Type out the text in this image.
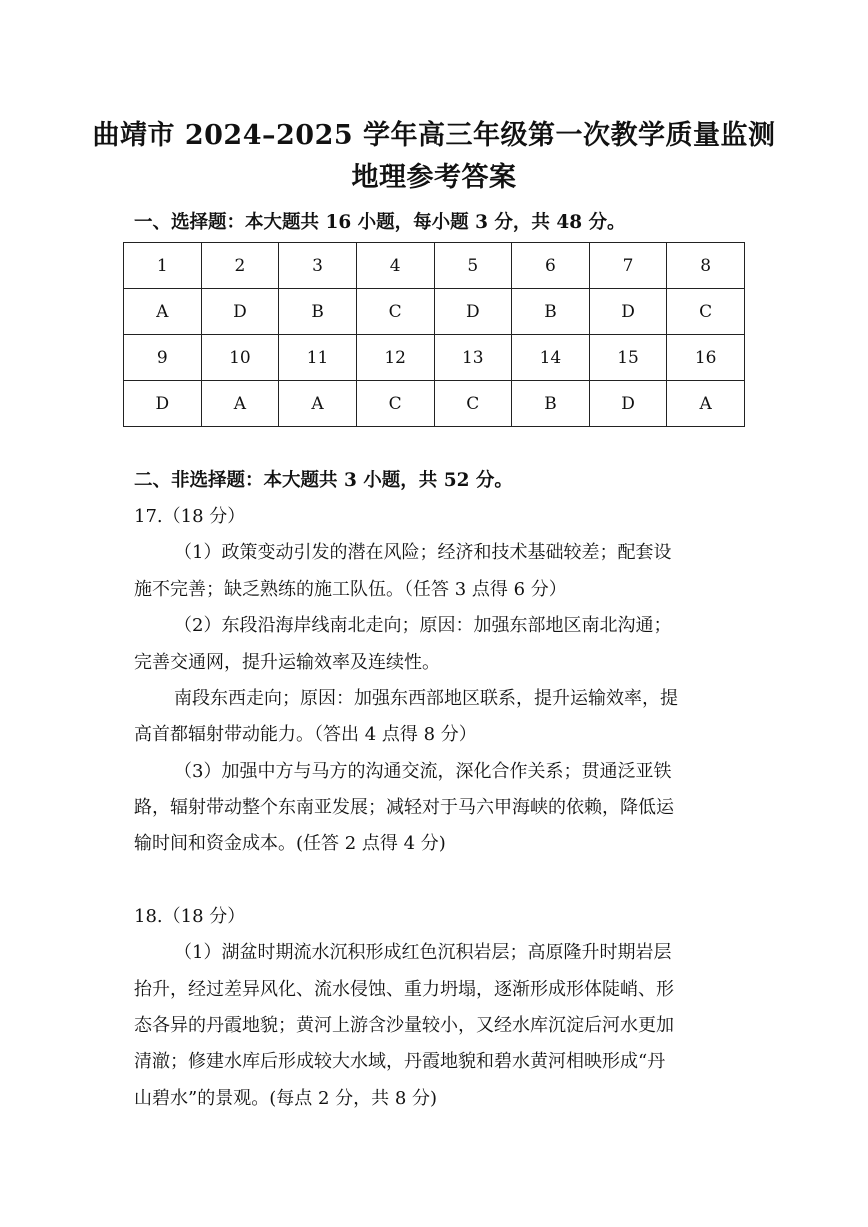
曲靖市 2024–2025 学年高三年级第一次教学质量监测
地理参考答案
一、选择题：本大题共 16 小题，每小题 3 分，共 48 分。
1	2	3	4	5	6	7	8
A	D	B	C	D	B	D	C
9	10	11	12	13	14	15	16
D	A	A	C	C	B	D	A
二、非选择题：本大题共 3 小题，共 52 分。
17.（18 分）
（1）政策变动引发的潜在风险；经济和技术基础较差；配套设
施不完善；缺乏熟练的施工队伍。（任答 3 点得 6 分）
（2）东段沿海岸线南北走向；原因：加强东部地区南北沟通；
完善交通网，提升运输效率及连续性。
南段东西走向；原因：加强东西部地区联系，提升运输效率，提
高首都辐射带动能力。（答出 4 点得 8 分）
（3）加强中方与马方的沟通交流，深化合作关系；贯通泛亚铁
路，辐射带动整个东南亚发展；减轻对于马六甲海峡的依赖，降低运
输时间和资金成本。(任答 2 点得 4 分)
18.（18 分）
（1）湖盆时期流水沉积形成红色沉积岩层；高原隆升时期岩层
抬升，经过差异风化、流水侵蚀、重力坍塌，逐渐形成形体陡峭、形
态各异的丹霞地貌；黄河上游含沙量较小，又经水库沉淀后河水更加
清澈；修建水库后形成较大水域，丹霞地貌和碧水黄河相映形成“丹
山碧水”的景观。(每点 2 分，共 8 分)
